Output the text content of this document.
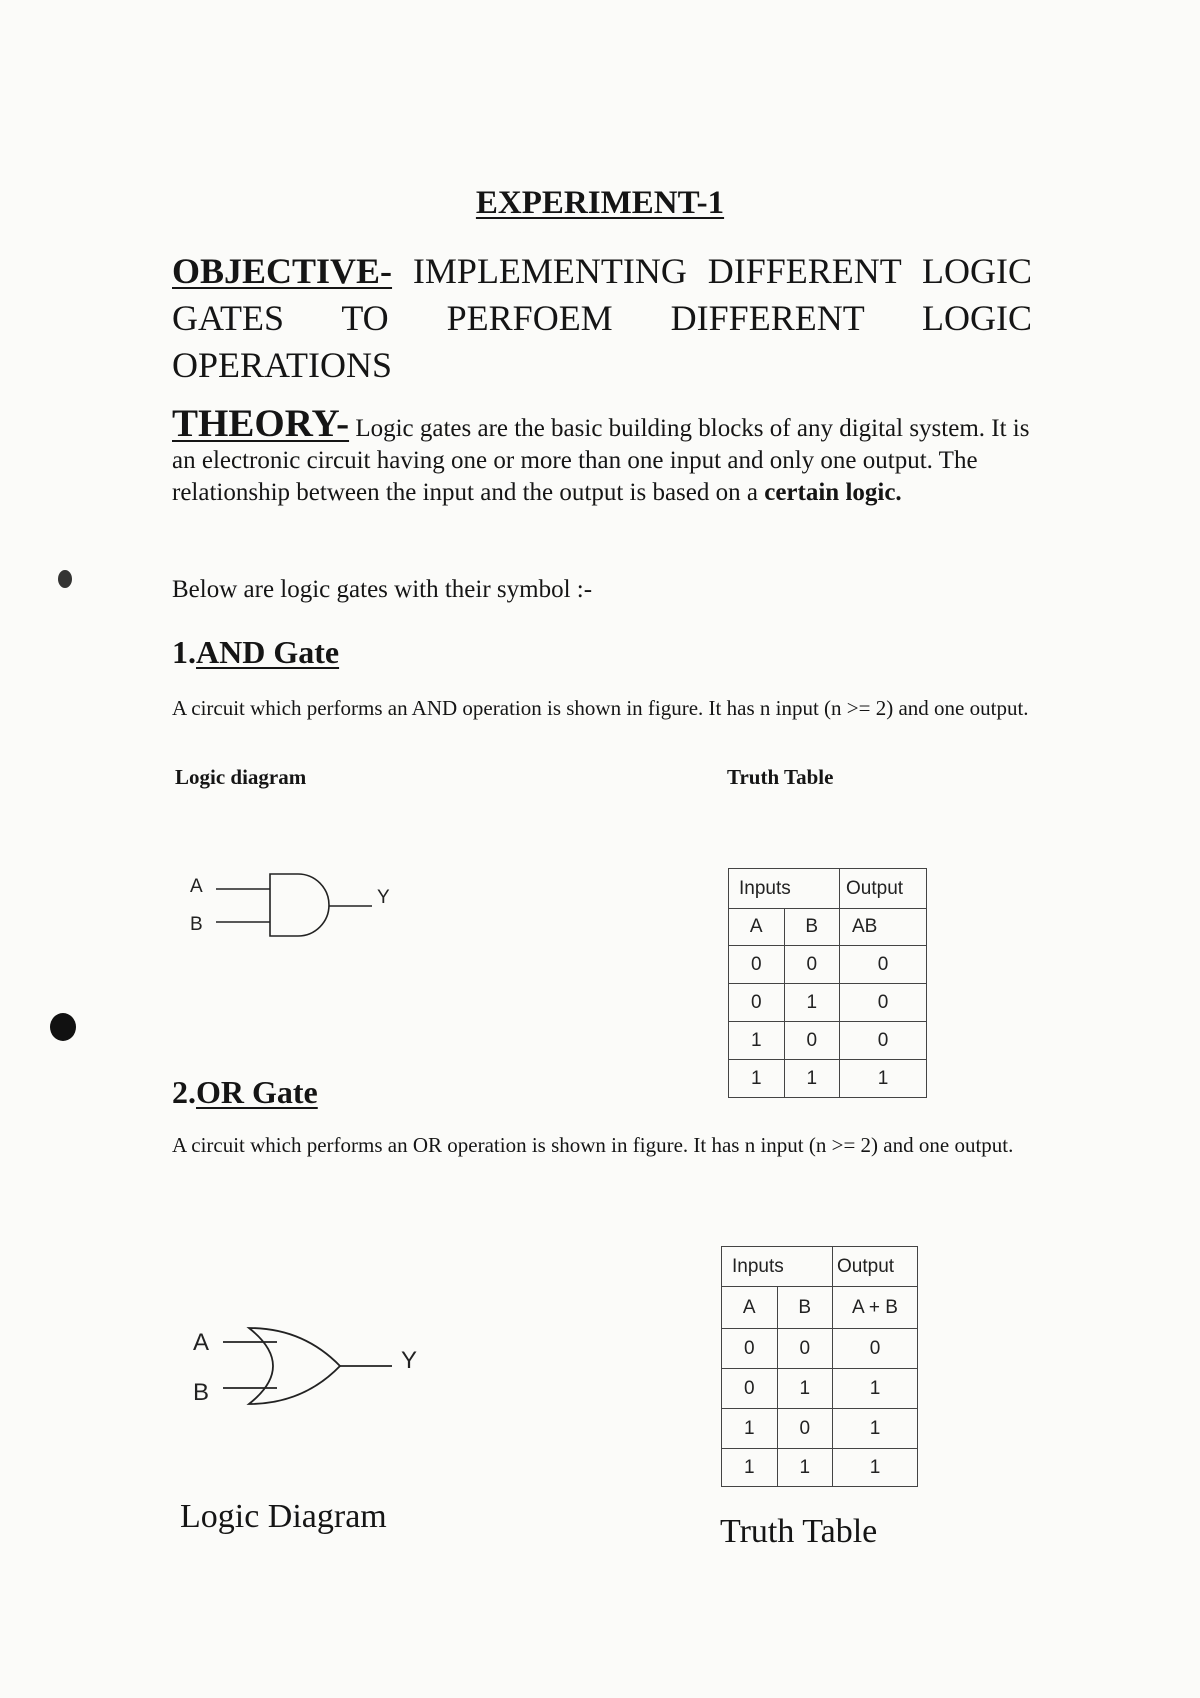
EXPERIMENT-1
OBJECTIVE- IMPLEMENTING DIFFERENT LOGIC GATES TO PERFOEM DIFFERENT LOGIC OPERATIONS
THEORY- Logic gates are the basic building blocks of any digital system. It is an electronic circuit having one or more than one input and only one output. The relationship between the input and the output is based on a certain logic.
Below are logic gates with their symbol :-
1.AND Gate
A circuit which performs an AND operation is shown in figure. It has n input (n >= 2) and one output.
Logic diagram	Truth Table
A
B
Y	Inputs		Output
A	B	AB
0	0	0
0	1	0
1	0	0
1	1	1
2.OR Gate
A circuit which performs an OR operation is shown in figure. It has n input (n >= 2) and one output.
A
B
Y
Inputs		Output
A	B	A + B
0	0	0
0	1	1
1	0	1
1	1	1
Logic Diagram	Truth Table
